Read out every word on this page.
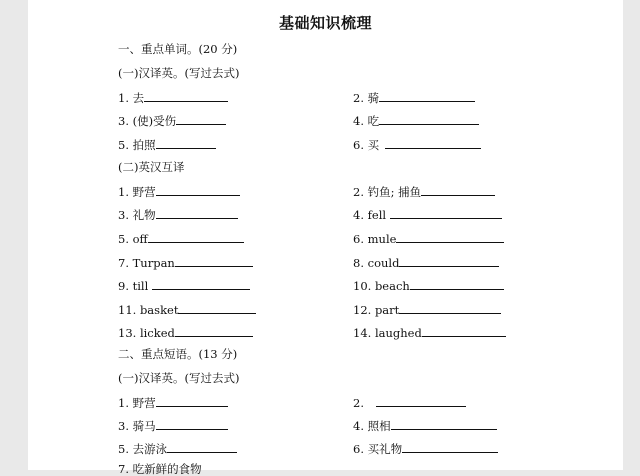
基础知识梳理
一、重点单词。(20 分)
(一)汉译英。(写过去式)
1. 去	2. 骑
3. (使)受伤	4. 吃
5. 拍照	6. 买
(二)英汉互译
1. 野营	2. 钓鱼; 捕鱼
3. 礼物	4. fell
5. off	6. mule
7. Turpan	8. could
9. till	10. beach
11. basket	12. part
13. licked	14. laughed
二、重点短语。(13 分)
(一)汉译英。(写过去式)
1. 野营	2.
3. 骑马	4. 照相
5. 去游泳	6. 买礼物
7. 吃新鲜的食物
